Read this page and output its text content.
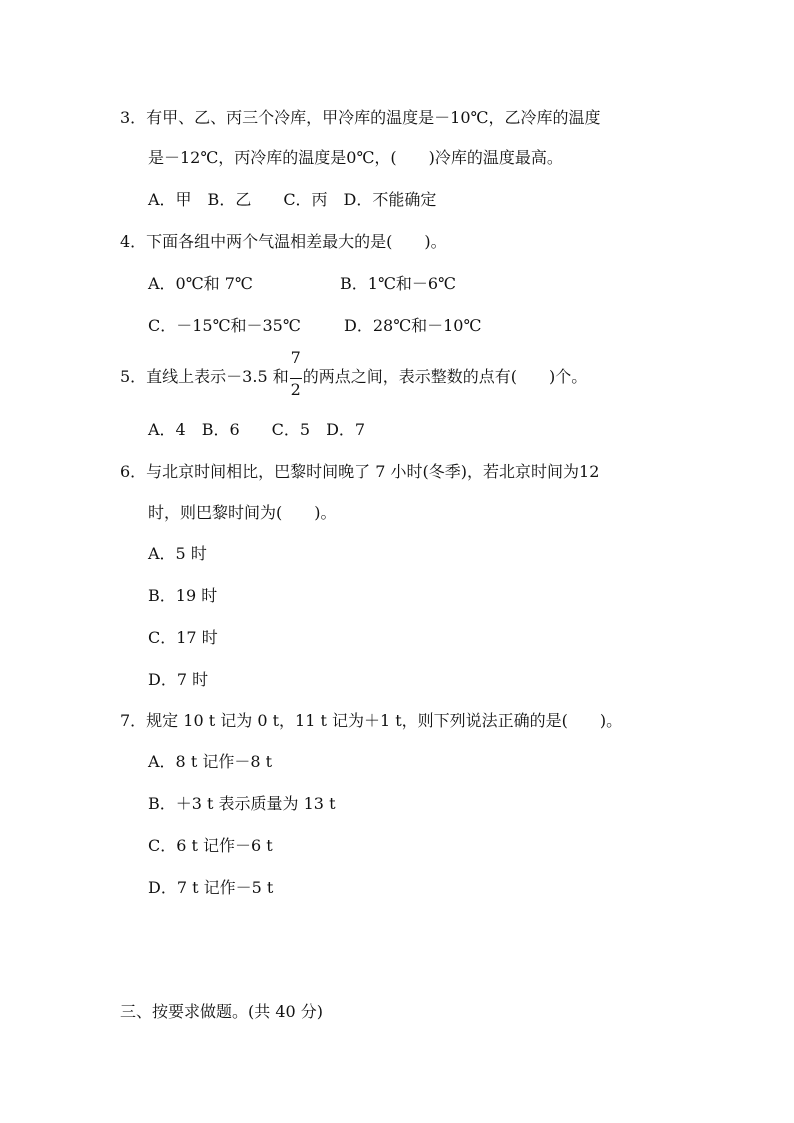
3．有甲、乙、丙三个冷库，甲冷库的温度是－10℃，乙冷库的温度
是－12℃，丙冷库的温度是0℃，(　　)冷库的温度最高。
A．甲　B．乙　　C．丙　D．不能确定
4．下面各组中两个气温相差最大的是(　　)。
A．0℃和 7℃	B．1℃和－6℃
C．－15℃和－35℃	D．28℃和－10℃
5．直线上表示－3.5 和 $\frac{7}{2}$ 的两点之间，表示整数的点有(　　)个。
A．4　B．6　　C．5　D．7
6．与北京时间相比，巴黎时间晚了 7 小时(冬季)，若北京时间为12
时，则巴黎时间为(　　)。
A．5 时
B．19 时
C．17 时
D．7 时
7．规定 10 t 记为 0 t，11 t 记为＋1 t，则下列说法正确的是(　　)。
A．8 t 记作－8 t
B．＋3 t 表示质量为 13 t
C．6 t 记作－6 t
D．7 t 记作－5 t
三、按要求做题。(共 40 分)
